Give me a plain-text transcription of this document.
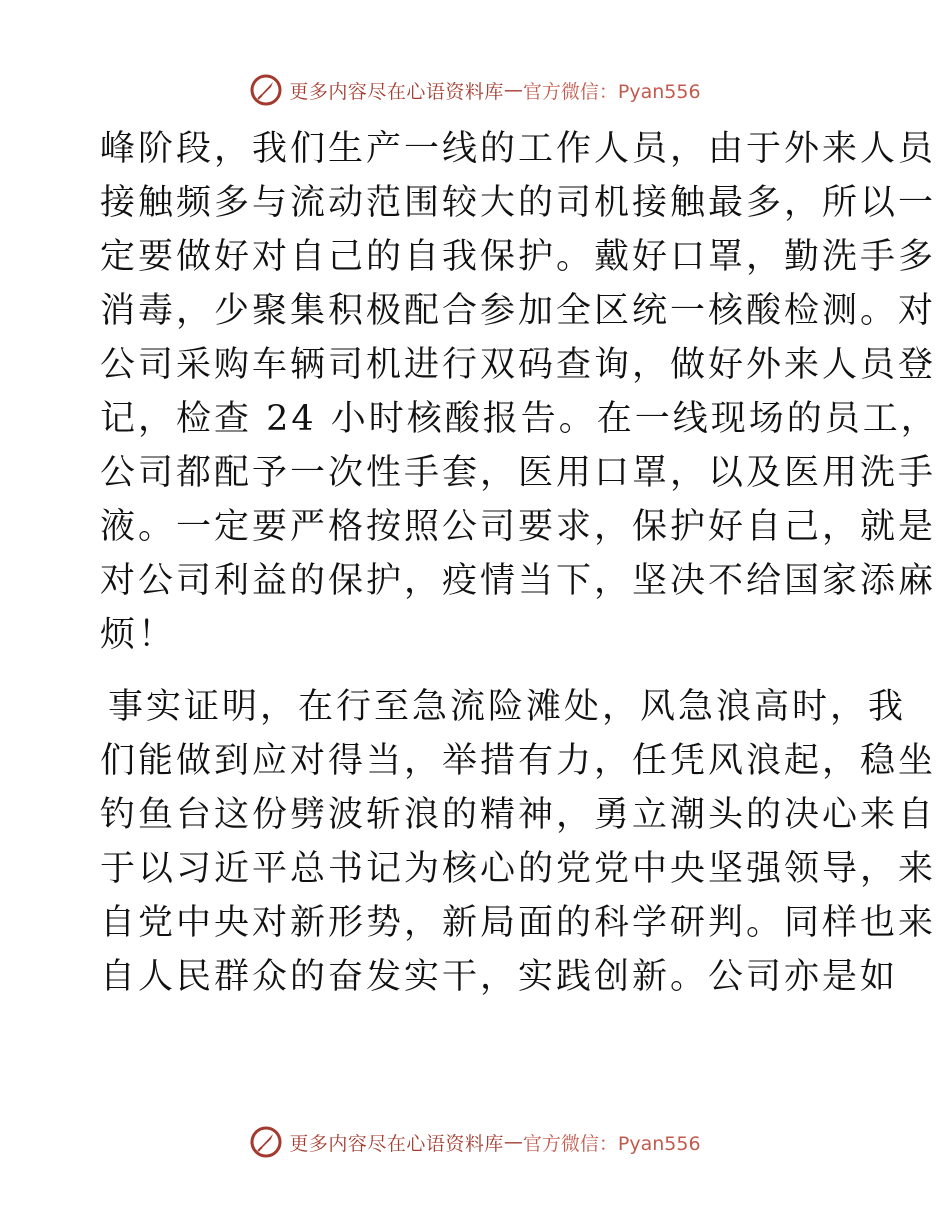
更多内容尽在心语资料库 — 官方微信：Pyan556

峰阶段，我们生产一线的工作人员，由于外来人员
接触频多与流动范围较大的司机接触最多，所以一
定要做好对自己的自我保护。戴好口罩，勤洗手多
消毒，少聚集积极配合参加全区统一核酸检测。对
公司采购车辆司机进行双码查询，做好外来人员登
记，检查 24 小时核酸报告。在一线现场的员工，
公司都配予一次性手套，医用口罩，以及医用洗手
液。一定要严格按照公司要求，保护好自己，就是
对公司利益的保护，疫情当下，坚决不给国家添麻
烦！

事实证明，在行至急流险滩处，风急浪高时，我
们能做到应对得当，举措有力，任凭风浪起，稳坐
钓鱼台这份劈波斩浪的精神，勇立潮头的决心来自
于以习近平总书记为核心的党党中央坚强领导，来
自党中央对新形势，新局面的科学研判。同样也来
自人民群众的奋发实干，实践创新。公司亦是如

更多内容尽在心语资料库 — 官方微信：Pyan556
